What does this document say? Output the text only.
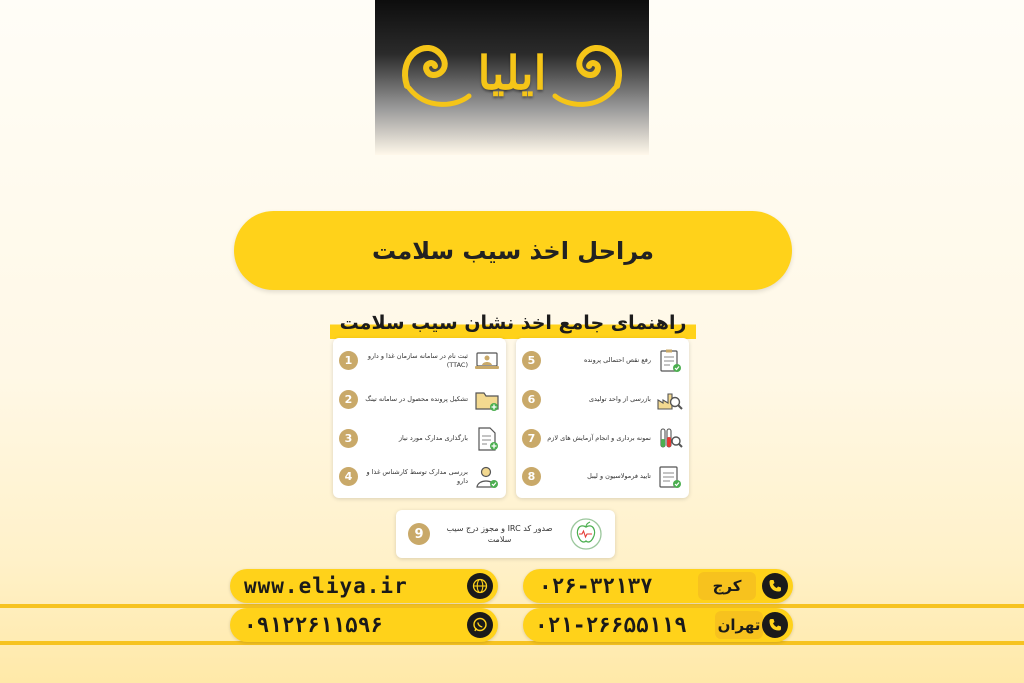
ایلیا
مراحل اخذ سیب سلامت
راهنمای جامع اخذ نشان سیب سلامت
1	ثبت نام در سامانه سازمان غذا و دارو (TTAC)
2	تشکیل پرونده محصول در سامانه تینگ
3	بارگذاری مدارک مورد نیاز
4	بررسی مدارک توسط کارشناس غذا و دارو
5	رفع نقص احتمالی پرونده
6	بازرسی از واحد تولیدی
7	نمونه برداری و انجام آزمایش های لازم
8	تایید فرمولاسیون و لیبل
9	صدور کد IRC و مجوز درج سیب سلامت
www.eliya.ir
۰۹۱۲۲۶۱۱۵۹۶
۰۲۶-۳۲۱۳۷	کرج
۰۲۱-۲۶۶۵۵۱۱۹ تهران
